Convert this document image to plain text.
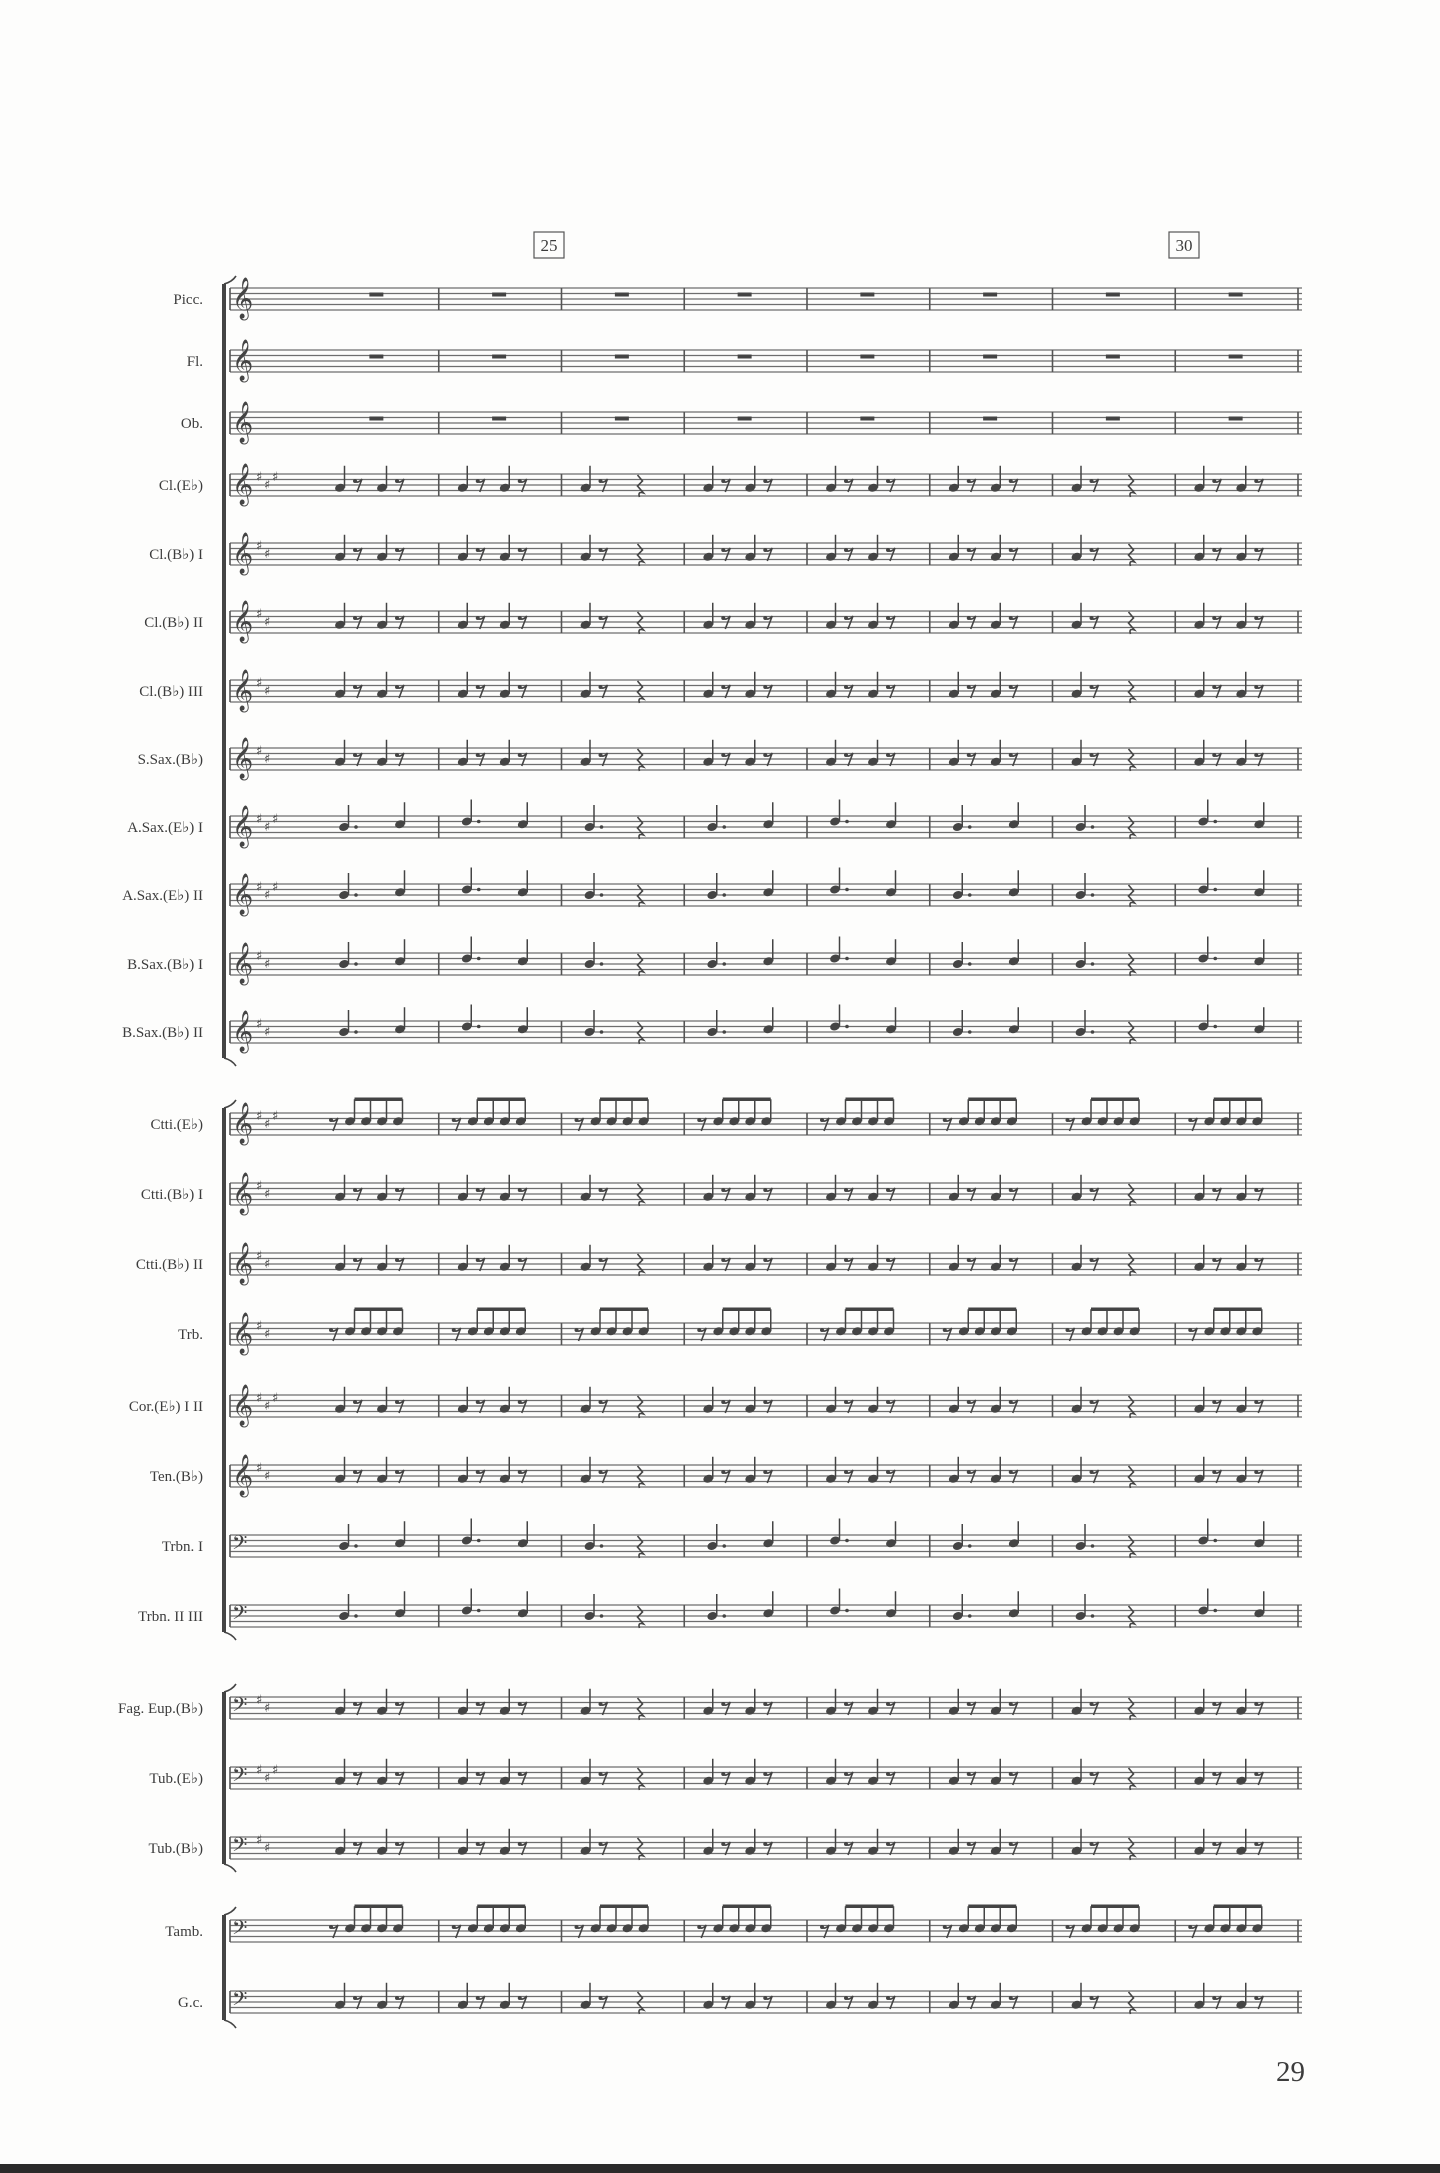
25	30
Picc. 𝄞
Fl. 𝄞
Ob. 𝄞
Cl.(E♭) 𝄞 ♯
♯
♯
Cl.(B♭) I 𝄞 ♯
♯
Cl.(B♭) II 𝄞 ♯
♯
Cl.(B♭) III 𝄞 ♯
♯
S.Sax.(B♭) 𝄞 ♯
♯
A.Sax.(E♭) I 𝄞 ♯
♯
♯
A.Sax.(E♭) II 𝄞 ♯
♯
♯
B.Sax.(B♭) I 𝄞 ♯
♯
B.Sax.(B♭) II 𝄞 ♯
♯
Ctti.(E♭) 𝄞 ♯
♯
♯
Ctti.(B♭) I 𝄞 ♯
♯
Ctti.(B♭) II 𝄞 ♯
♯
Trb. 𝄞 ♯
♯
Cor.(E♭) I II 𝄞 ♯
♯
♯
Ten.(B♭) 𝄞 ♯
♯
Trbn. I 𝄢
Trbn. II III 𝄢
Fag. Eup.(B♭) 𝄢 ♯
♯
Tub.(E♭) 𝄢 ♯
♯
♯
Tub.(B♭) 𝄢 ♯
♯
Tamb. 𝄢
G.c. 𝄢
29
